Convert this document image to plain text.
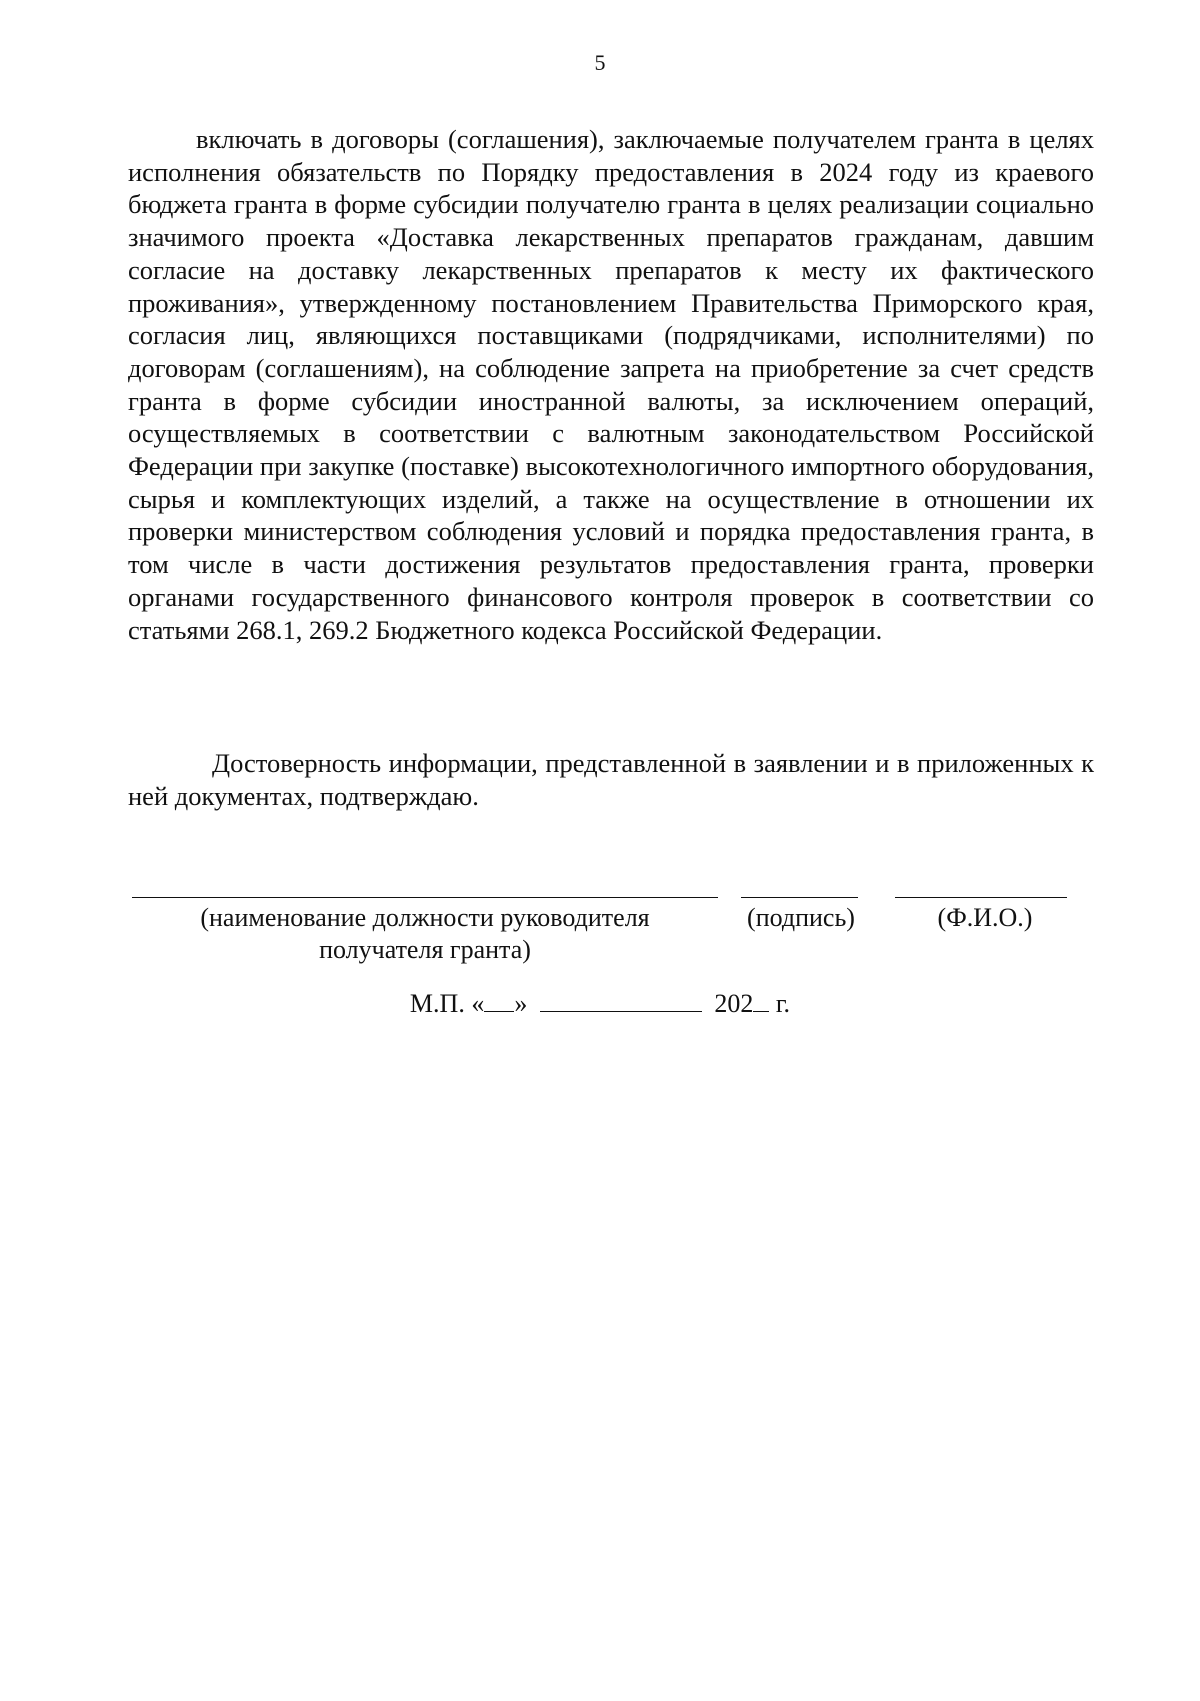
5

включать в договоры (соглашения), заключаемые получателем гранта в целях исполнения обязательств по Порядку предоставления в 2024 году из краевого бюджета гранта в форме субсидии получателю гранта в целях реализации социально значимого проекта «Доставка лекарственных препаратов гражданам, давшим согласие на доставку лекарственных препаратов к месту их фактического проживания», утвержденному постановлением Правительства Приморского края, согласия лиц, являющихся поставщиками (подрядчиками, исполнителями) по договорам (соглашениям), на соблюдение запрета на приобретение за счет средств гранта в форме субсидии иностранной валюты, за исключением операций, осуществляемых в соответствии с валютным законодательством Российской Федерации при закупке (поставке) высокотехнологичного импортного оборудования, сырья и комплектующих изделий, а также на осуществление в отношении их проверки министерством соблюдения условий и порядка предоставления гранта, в том числе в части достижения результатов предоставления гранта, проверки органами государственного финансового контроля проверок в соответствии со статьями 268.1, 269.2 Бюджетного кодекса Российской Федерации.

Достоверность информации, представленной в заявлении и в приложенных к ней документах, подтверждаю.

(наименование должности руководителя
получателя гранта)
(подпись)	(Ф.И.О.)
М.П. « »	202 г.
